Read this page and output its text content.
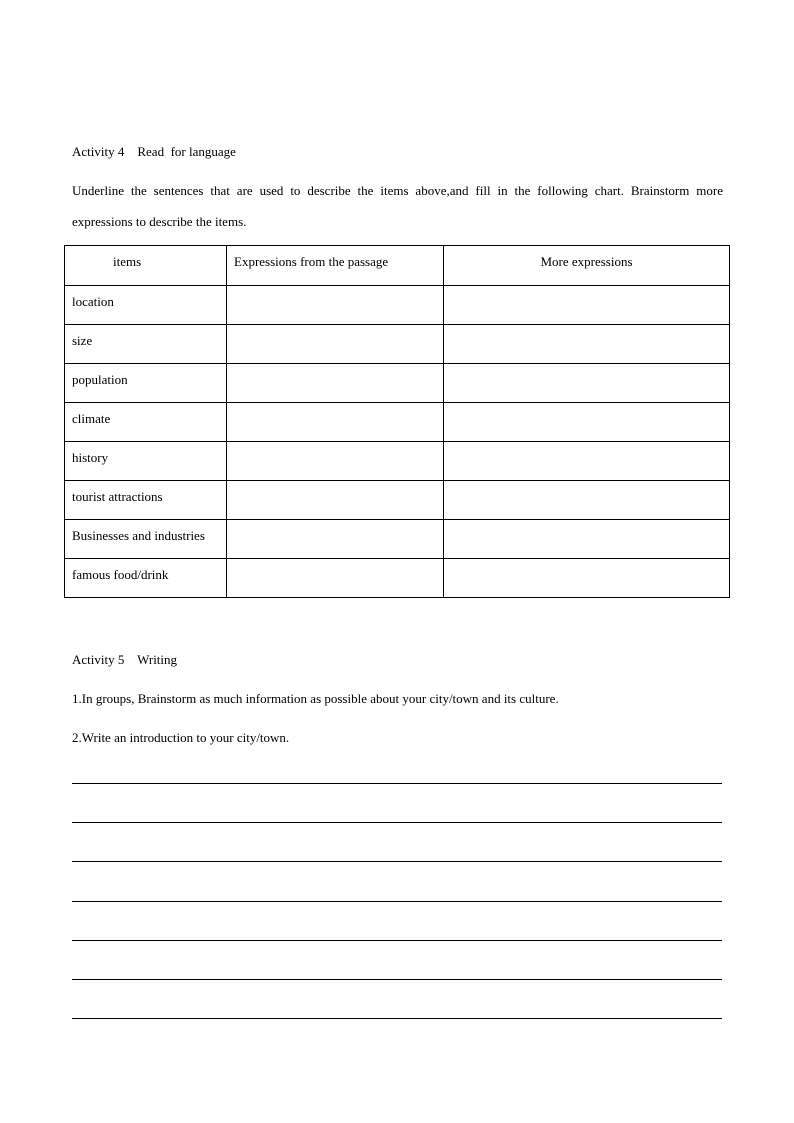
Activity 4    Read  for language
Underline the sentences that are used to describe the items above,and fill in the following chart. Brainstorm more expressions to describe the items.
items	Expressions from the passage	More expressions

location		

size		

population		

climate		

history		

tourist attractions		

Businesses and industries		

famous food/drink		

Activity 5    Writing
1.In groups, Brainstorm as much information as possible about your city/town and its culture.
2.Write an introduction to your city/town.
